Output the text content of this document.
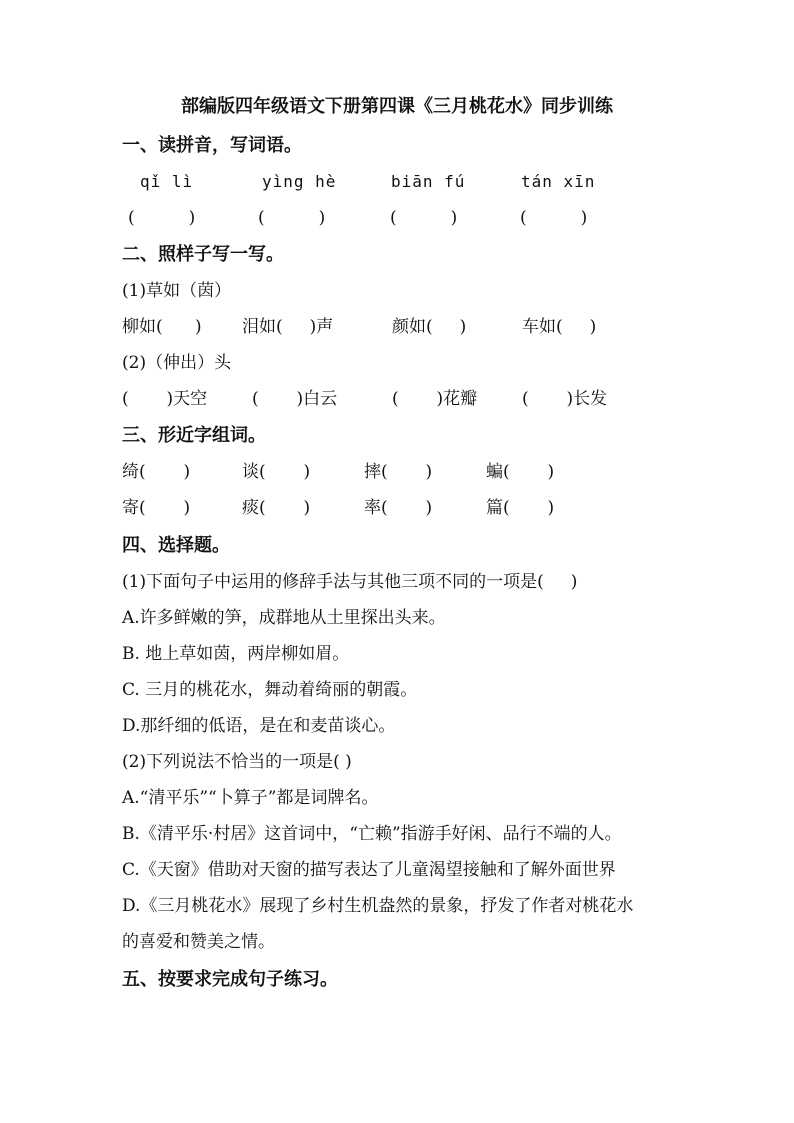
部编版四年级语文下册第四课《三月桃花水》同步训练
一、读拼音，写词语。
qǐ lì	yìng hè	biān fú	tán xīn
(          )	(          )	(          )	(          )
二、照样子写一写。
(1)草如（茵）
柳如(      ) 泪如(     )声	颜如(     )	车如(     )
(2)（伸出）头
(       )天空	(       )白云	(       )花瓣	(       )长发
三、形近字组词。
绮(       )	谈(       )	摔(       )	蝙(       )
寄(       )	痰(       )	率(       )	篇(       )
四、选择题。
(1)下面句子中运用的修辞手法与其他三项不同的一项是(     )
A.许多鲜嫩的笋，成群地从土里探出头来。
B. 地上草如茵，两岸柳如眉。
C. 三月的桃花水，舞动着绮丽的朝霞。
D.那纤细的低语，是在和麦苗谈心。
(2)下列说法不恰当的一项是( )
A.“清平乐”“卜算子”都是词牌名。
B.《清平乐·村居》这首词中，“亡赖”指游手好闲、品行不端的人。
C.《天窗》借助对天窗的描写表达了儿童渴望接触和了解外面世界
D.《三月桃花水》展现了乡村生机盎然的景象，抒发了作者对桃花水
的喜爱和赞美之情。
五、按要求完成句子练习。
